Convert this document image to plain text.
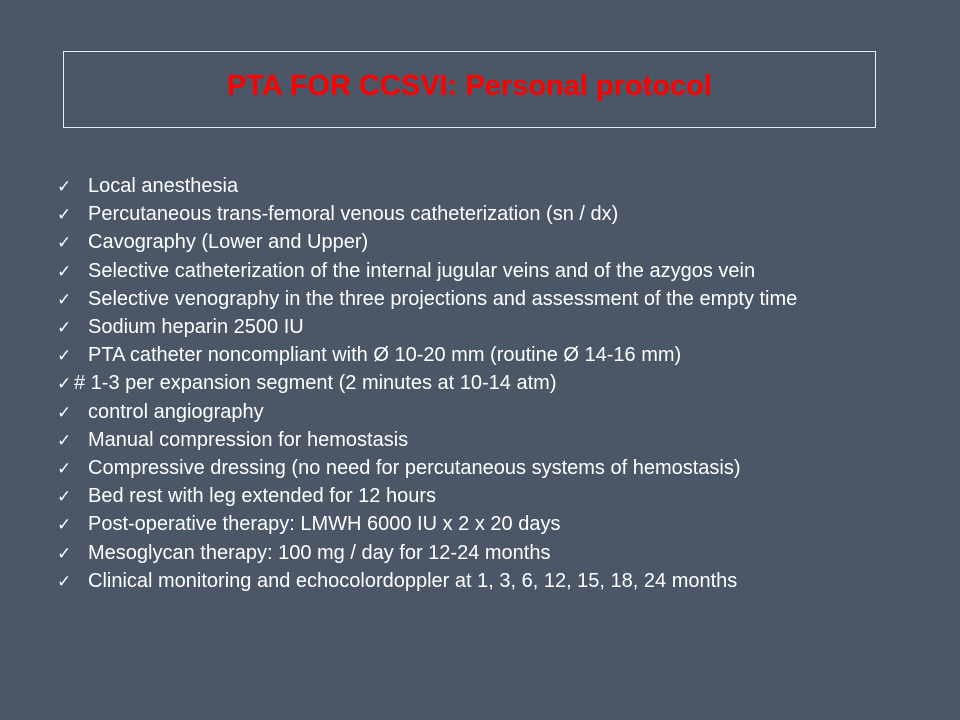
PTA FOR CCSVI: Personal protocol
✓ Local anesthesia
✓ Percutaneous trans-femoral venous catheterization (sn / dx)
✓ Cavography (Lower and Upper)
✓ Selective catheterization of the internal jugular veins and of the azygos vein
✓ Selective venography in the three projections and assessment of the empty time
✓ Sodium heparin 2500 IU
✓ PTA catheter noncompliant with Ø 10-20 mm (routine Ø 14-16 mm)
✓ # 1-3 per expansion segment (2 minutes at 10-14 atm)
✓ control angiography
✓ Manual compression for hemostasis
✓ Compressive dressing (no need for percutaneous systems of hemostasis)
✓ Bed rest with leg extended for 12 hours
✓ Post-operative therapy: LMWH 6000 IU x 2 x 20 days
✓ Mesoglycan therapy: 100 mg / day for 12-24 months
✓ Clinical monitoring and echocolordoppler at 1, 3, 6, 12, 15, 18, 24 months
